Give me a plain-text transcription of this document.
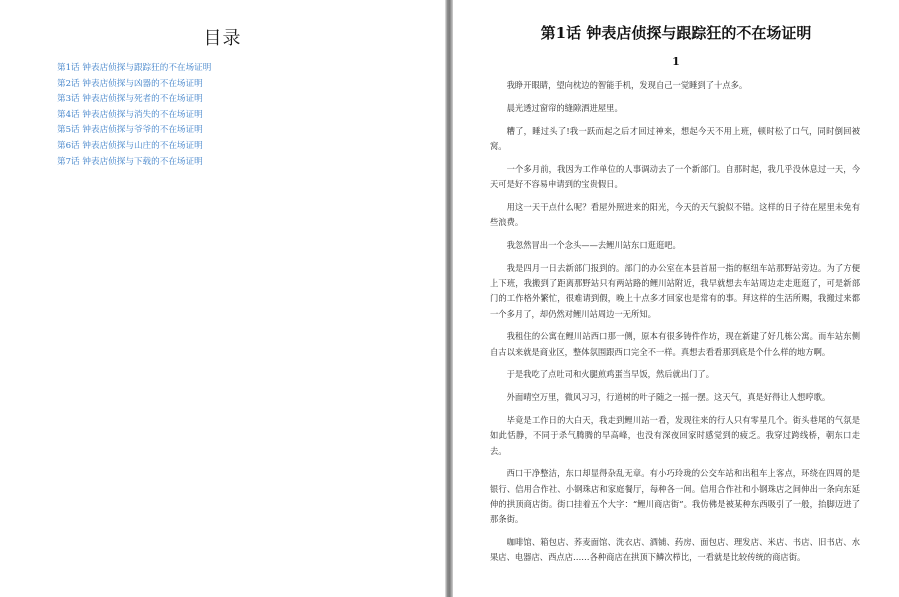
目录
第1话 钟表店侦探与跟踪狂的不在场证明
第2话 钟表店侦探与凶器的不在场证明
第3话 钟表店侦探与死者的不在场证明
第4话 钟表店侦探与消失的不在场证明
第5话 钟表店侦探与爷爷的不在场证明
第6话 钟表店侦探与山庄的不在场证明
第7话 钟表店侦探与下载的不在场证明
第1话 钟表店侦探与跟踪狂的不在场证明
1

我睁开眼睛，望向枕边的智能手机，发现自己一觉睡到了十点多。

晨光透过窗帘的缝隙洒进屋里。

糟了，睡过头了!我一跃而起之后才回过神来，想起今天不用上班，顿时松了口气，同时倒回被窝。

一个多月前，我因为工作单位的人事调动去了一个新部门。自那时起，我几乎没休息过一天，今天可是好不容易申请到的宝贵假日。

用这一天干点什么呢？看屋外照进来的阳光，今天的天气貌似不错。这样的日子待在屋里未免有些浪费。

我忽然冒出一个念头——去鲤川站东口逛逛吧。

我是四月一日去新部门报到的。部门的办公室在本县首屈一指的枢纽车站那野站旁边。为了方便上下班，我搬到了距离那野站只有两站路的鲤川站附近，我早就想去车站周边走走逛逛了，可是新部门的工作格外繁忙，很难请到假，晚上十点多才回家也是常有的事。拜这样的生活所赐，我搬过来都一个多月了，却仍然对鲤川站周边一无所知。

我租住的公寓在鲤川站西口那一侧，原本有很多铸件作坊，现在新建了好几栋公寓。而车站东侧自古以来就是商业区，整体氛围跟西口完全不一样。真想去看看那到底是个什么样的地方啊。

于是我吃了点吐司和火腿煎鸡蛋当早饭，然后就出门了。

外面晴空万里，微风习习，行道树的叶子随之一摇一摆。这天气，真是好得让人想哼歌。

毕竟是工作日的大白天，我走到鲤川站一看，发现往来的行人只有零星几个。街头巷尾的气氛是如此恬静，不同于杀气腾腾的早高峰，也没有深夜回家时感觉到的疲乏。我穿过跨线桥，朝东口走去。

西口干净整洁，东口却显得杂乱无章。有小巧玲珑的公交车站和出租车上客点，环绕在四周的是银行、信用合作社、小钢珠店和家庭餐厅，每种各一间。信用合作社和小钢珠店之间伸出一条向东延伸的拱顶商店街。街口挂着五个大字：“鲤川商店街”。我仿佛是被某种东西吸引了一般，抬脚迈进了那条街。

咖啡馆、箱包店、荞麦面馆、洗衣店、酒铺、药房、面包店、理发店、米店、书店、旧书店、水果店、电器店、西点店……各种商店在拱顶下鳞次栉比，一看就是比较传统的商店街。
